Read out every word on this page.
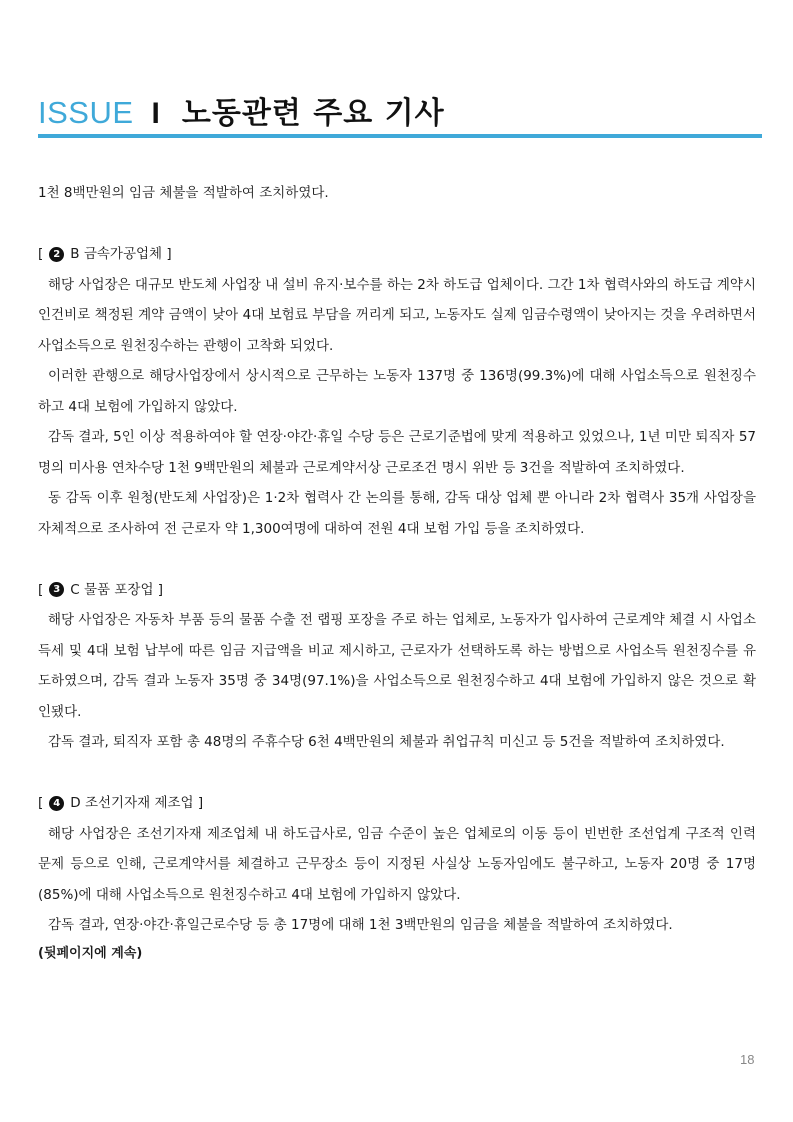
ISSUE I 노동관련 주요 기사

1천 8백만원의 임금 체불을 적발하여 조치하였다.

[	2 B 금속가공업체 ]

해당 사업장은 대규모 반도체 사업장 내 설비 유지·보수를 하는 2차 하도급 업체이다. 그간 1차 협력사와의 하도급 계약시 인건비로 책정된 계약 금액이 낮아 4대 보험료 부담을 꺼리게 되고, 노동자도 실제 임금수령액이 낮아지는 것을 우려하면서 사업소득으로 원천징수하는 관행이 고착화 되었다.

이러한 관행으로 해당사업장에서 상시적으로 근무하는 노동자 137명 중 136명(99.3%)에 대해 사업소득으로 원천징수하고 4대 보험에 가입하지 않았다.

감독 결과, 5인 이상 적용하여야 할 연장·야간·휴일 수당 등은 근로기준법에 맞게 적용하고 있었으나, 1년 미만 퇴직자 57명의 미사용 연차수당 1천 9백만원의 체불과 근로계약서상 근로조건 명시 위반 등 3건을 적발하여 조치하였다.

동 감독 이후 원청(반도체 사업장)은 1·2차 협력사 간 논의를 통해, 감독 대상 업체 뿐 아니라 2차 협력사 35개 사업장을 자체적으로 조사하여 전 근로자 약 1,300여명에 대하여 전원 4대 보험 가입 등을 조치하였다.

[	3 C 물품 포장업 ]

해당 사업장은 자동차 부품 등의 물품 수출 전 랩핑 포장을 주로 하는 업체로, 노동자가 입사하여 근로계약 체결 시 사업소득세 및 4대 보험 납부에 따른 임금 지급액을 비교 제시하고, 근로자가 선택하도록 하는 방법으로 사업소득 원천징수를 유도하였으며, 감독 결과 노동자 35명 중 34명(97.1%)을 사업소득으로 원천징수하고 4대 보험에 가입하지 않은 것으로 확인됐다.

감독 결과, 퇴직자 포함 총 48명의 주휴수당 6천 4백만원의 체불과 취업규칙 미신고 등 5건을 적발하여 조치하였다.

[	4 D 조선기자재 제조업 ]

해당 사업장은 조선기자재 제조업체 내 하도급사로, 임금 수준이 높은 업체로의 이동 등이 빈번한 조선업계 구조적 인력 문제 등으로 인해, 근로계약서를 체결하고 근무장소 등이 지정된 사실상 노동자임에도 불구하고, 노동자 20명 중 17명(85%)에 대해 사업소득으로 원천징수하고 4대 보험에 가입하지 않았다.

감독 결과, 연장·야간·휴일근로수당 등 총 17명에 대해 1천 3백만원의 임금을 체불을 적발하여 조치하였다.

(뒷페이지에 계속)

18
